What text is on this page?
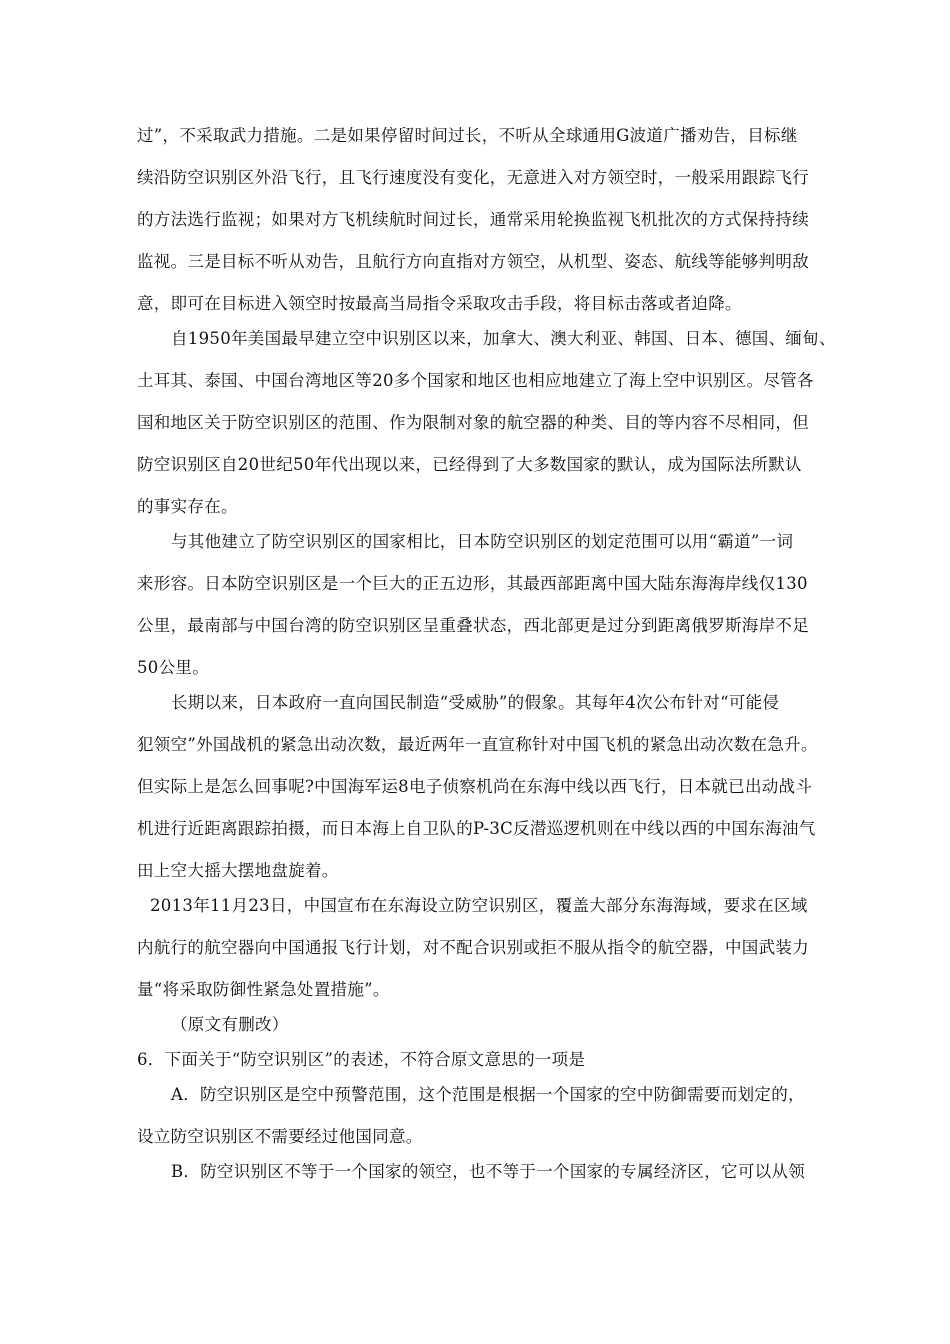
过”，不采取武力措施。二是如果停留时间过长，不听从全球通用G波道广播劝告，目标继
续沿防空识别区外沿飞行，且飞行速度没有变化，无意进入对方领空时，一般采用跟踪飞行
的方法选行监视；如果对方飞机续航时间过长，通常采用轮换监视飞机批次的方式保持持续
监视。三是目标不听从劝告，且航行方向直指对方领空，从机型、姿态、航线等能够判明敌
意，即可在目标进入领空时按最高当局指令采取攻击手段，将目标击落或者迫降。
自1950年美国最早建立空中识别区以来，加拿大、澳大利亚、韩国、日本、德国、缅甸、
土耳其、泰国、中国台湾地区等20多个国家和地区也相应地建立了海上空中识别区。尽管各
国和地区关于防空识别区的范围、作为限制对象的航空器的种类、目的等内容不尽相同，但
防空识别区自20世纪50年代出现以来，已经得到了大多数国家的默认，成为国际法所默认
的事实存在。
与其他建立了防空识别区的国家相比，日本防空识别区的划定范围可以用“霸道”一词
来形容。日本防空识别区是一个巨大的正五边形，其最西部距离中国大陆东海海岸线仅130
公里，最南部与中国台湾的防空识别区呈重叠状态，西北部更是过分到距离俄罗斯海岸不足
50公里。
长期以来，日本政府一直向国民制造“受威胁”的假象。其每年4次公布针对“可能侵
犯领空”外国战机的紧急出动次数，最近两年一直宣称针对中国飞机的紧急出动次数在急升。
但实际上是怎么回事呢?中国海军运8电子侦察机尚在东海中线以西飞行，日本就已出动战斗
机进行近距离跟踪拍摄，而日本海上自卫队的P-3C反潜巡逻机则在中线以西的中国东海油气
田上空大摇大摆地盘旋着。
2013年11月23日，中国宣布在东海设立防空识别区，覆盖大部分东海海域，要求在区域
内航行的航空器向中国通报飞行计划，对不配合识别或拒不服从指令的航空器，中国武装力
量“将采取防御性紧急处置措施”。
（原文有删改）
6．下面关于“防空识别区”的表述，不符合原文意思的一项是
A．防空识别区是空中预警范围，这个范围是根据一个国家的空中防御需要而划定的，
设立防空识别区不需要经过他国同意。
B．防空识别区不等于一个国家的领空，也不等于一个国家的专属经济区，它可以从领
